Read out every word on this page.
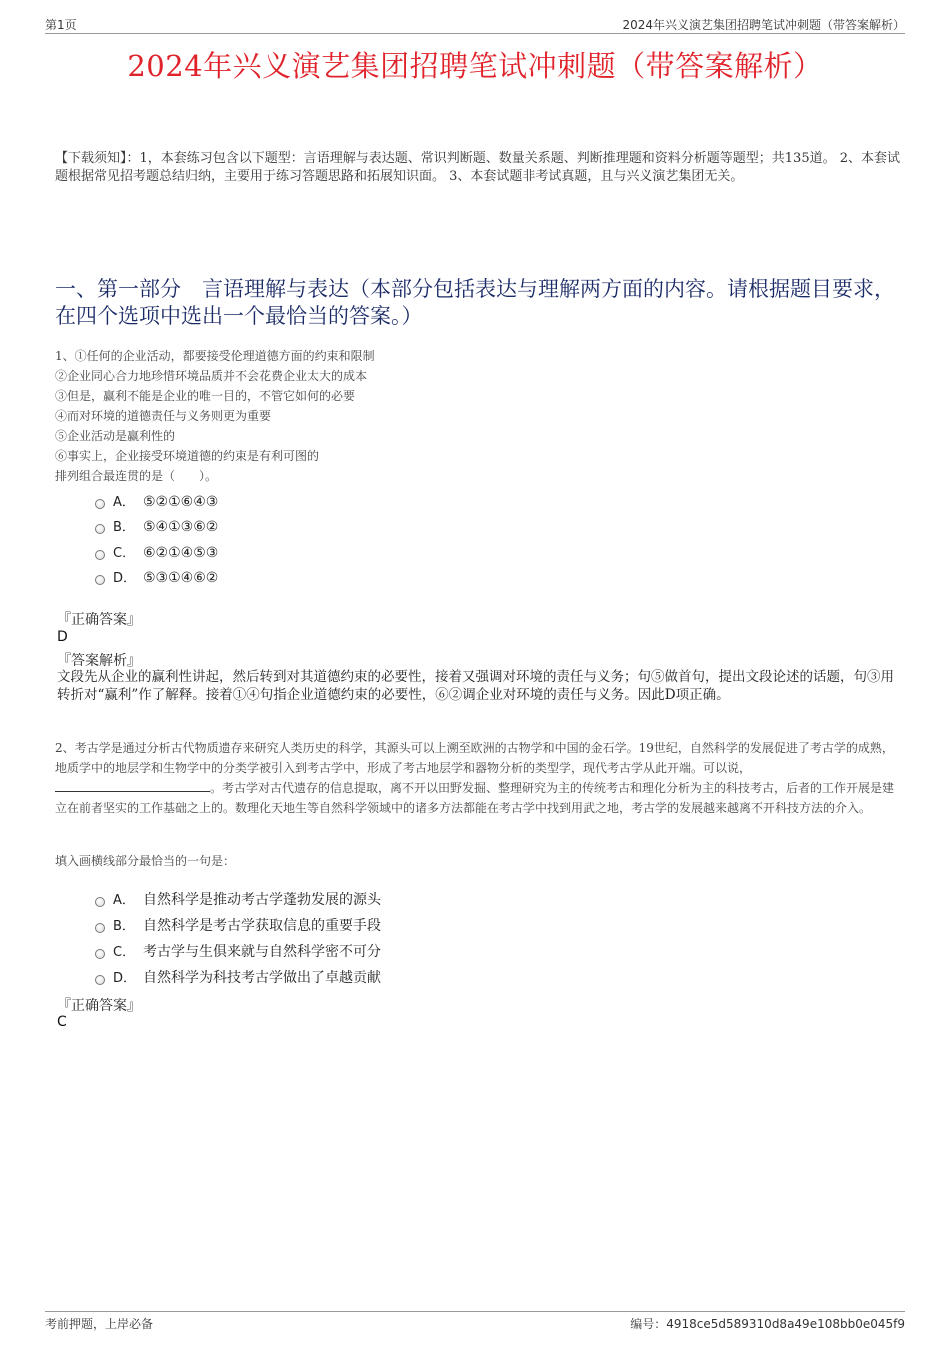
第1页	2024年兴义演艺集团招聘笔试冲刺题（带答案解析）
2024年兴义演艺集团招聘笔试冲刺题（带答案解析）
【下载须知】：1，本套练习包含以下题型：言语理解与表达题、常识判断题、数量关系题、判断推理题和资料分析题等题型；共135道。 2、本套试题根据常见招考题总结归纳，主要用于练习答题思路和拓展知识面。 3、本套试题非考试真题，且与兴义演艺集团无关。
一、第一部分　言语理解与表达（本部分包括表达与理解两方面的内容。请根据题目要求，在四个选项中选出一个最恰当的答案。）
1、①任何的企业活动，都要接受伦理道德方面的约束和限制
②企业同心合力地珍惜环境品质并不会花费企业太大的成本
③但是，赢利不能是企业的唯一目的，不管它如何的必要
④而对环境的道德责任与义务则更为重要
⑤企业活动是赢利性的
⑥事实上，企业接受环境道德的约束是有利可图的
排列组合最连贯的是（　　）。
A． ⑤②①⑥④③
B． ⑤④①③⑥②
C． ⑥②①④⑤③
D． ⑤③①④⑥②
『正确答案』
D
『答案解析』
文段先从企业的赢利性讲起，然后转到对其道德约束的必要性，接着又强调对环境的责任与义务；句⑤做首句，提出文段论述的话题，句③用转折对“赢利”作了解释。接着①④句指企业道德约束的必要性，⑥②调企业对环境的责任与义务。因此D项正确。
2、考古学是通过分析古代物质遗存来研究人类历史的科学，其源头可以上溯至欧洲的古物学和中国的金石学。19世纪，自然科学的发展促进了考古学的成熟，地质学中的地层学和生物学中的分类学被引入到考古学中，形成了考古地层学和器物分析的类型学，现代考古学从此开端。可以说，。考古学对古代遗存的信息提取，离不开以田野发掘、整理研究为主的传统考古和理化分析为主的科技考古，后者的工作开展是建立在前者坚实的工作基础之上的。数理化天地生等自然科学领域中的诸多方法都能在考古学中找到用武之地，考古学的发展越来越离不开科技方法的介入。
填入画横线部分最恰当的一句是：
A． 自然科学是推动考古学蓬勃发展的源头
B． 自然科学是考古学获取信息的重要手段
C． 考古学与生俱来就与自然科学密不可分
D． 自然科学为科技考古学做出了卓越贡献
『正确答案』
C
考前押题，上岸必备	编号：4918ce5d589310d8a49e108bb0e045f9
